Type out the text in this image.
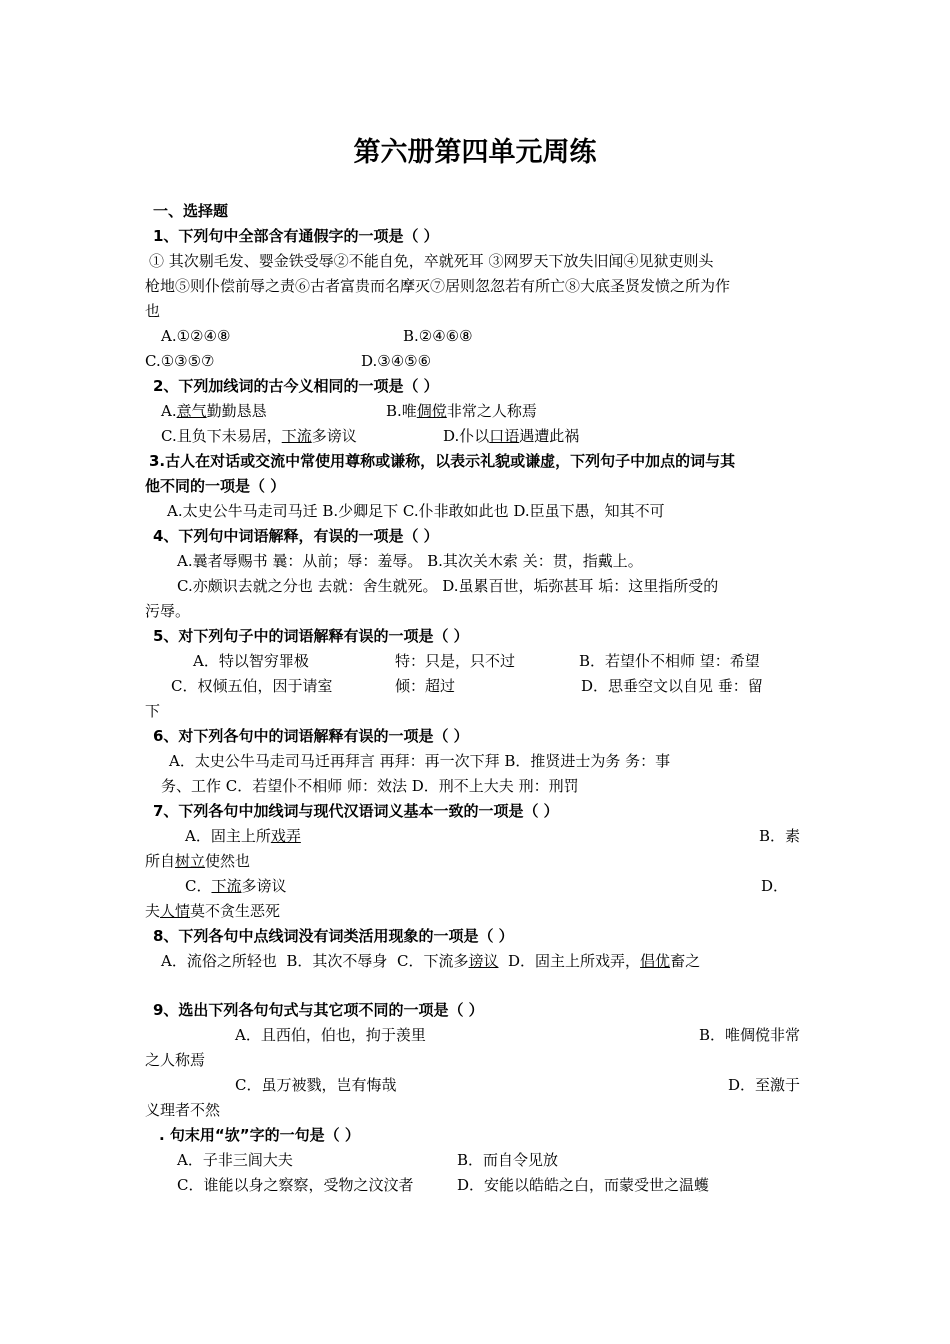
第六册第四单元周练
一、选择题
1、下列句中全部含有通假字的一项是（ ）
① 其次剔毛发、婴金铁受辱②不能自免，卒就死耳 ③网罗天下放失旧闻④见狱吏则头
枪地⑤则仆偿前辱之责⑥古者富贵而名摩灭⑦居则忽忽若有所亡⑧大底圣贤发愤之所为作
也
A.①②④⑧	B.②④⑥⑧
C.①③⑤⑦	D.③④⑤⑥
2、下列加线词的古今义相同的一项是（ ）
A.意气勤勤恳恳	B.唯倜傥非常之人称焉
C.且负下未易居，下流多谤议	D.仆以口语遇遭此祸
3.古人在对话或交流中常使用尊称或谦称，以表示礼貌或谦虚，下列句子中加点的词与其
他不同的一项是（ ）
A.太史公牛马走司马迁 B.少卿足下 C.仆非敢如此也 D.臣虽下愚，知其不可
4、下列句中词语解释，有误的一项是（ ）
A.曩者辱赐书 曩：从前；辱：羞辱。 B.其次关木索 关：贯，指戴上。
C.亦颇识去就之分也 去就：舍生就死。 D.虽累百世，垢弥甚耳 垢：这里指所受的
污辱。
5、对下列句子中的词语解释有误的一项是（ ）
A．特以智穷罪极	特：只是，只不过	B．若望仆不相师 望：希望
C．权倾五伯，因于请室	倾：超过	D．思垂空文以自见 垂：留
下
6、对下列各句中的词语解释有误的一项是（ ）
A．太史公牛马走司马迁再拜言 再拜：再一次下拜 B．推贤进士为务 务：事
务、工作 C．若望仆不相师 师：效法 D．刑不上大夫 刑：刑罚
7、下列各句中加线词与现代汉语词义基本一致的一项是（ ）
A．固主上所戏弄	B．素
所自树立使然也
C．下流多谤议	D．
夫人情莫不贪生恶死
8、下列各句中点线词没有词类活用现象的一项是（ ）
A．流俗之所轻也 B．其次不辱身 C．下流多谤议 D．固主上所戏弄，倡优畜之
9、选出下列各句句式与其它项不同的一项是（ ）
A．且西伯，伯也，拘于羡里	B．唯倜傥非常
之人称焉
C．虽万被戮，岂有悔哉	D．至激于
义理者不然
. 句末用“欤”字的一句是（ ）
A．子非三闾大夫	B．而自令见放
C．谁能以身之察察，受物之汶汶者	D．安能以皓皓之白，而蒙受世之温蠖
